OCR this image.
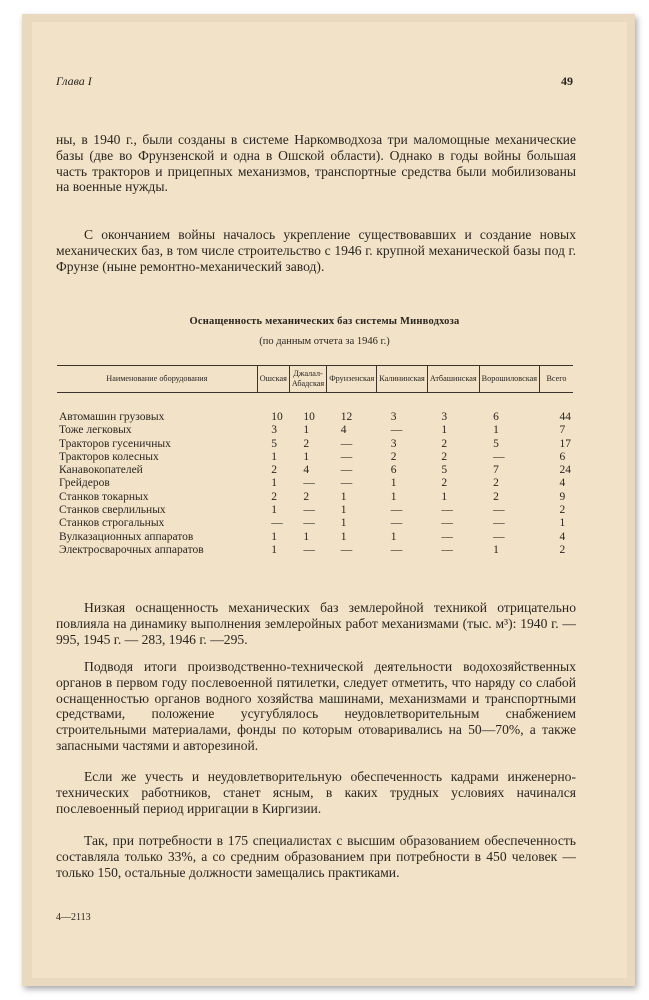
Глава I	49

ны, в 1940 г., были созданы в системе Наркомводхоза три маломощные механические базы (две во Фрунзенской и одна в Ошской области). Однако в годы войны большая часть тракторов и прицепных механизмов, транспортные средства были мобилизованы на военные нужды.

С окончанием войны началось укрепление существовавших и создание новых механических баз, в том числе строительство с 1946 г. крупной механической базы под г. Фрунзе (ныне ремонтно-механический завод).

Оснащенность механических баз системы Минводхоза
(по данным отчета за 1946 г.)
Наименование оборудования	Ошская	Джалал-Абадская	Фрунзенская	Калининская	Атбашинская	Ворошиловская	Всего

Автомашин грузовых	10	10	12	3	3	6	44
Тоже легковых	3	1	4	—	1	1	7
Тракторов гусеничных	5	2	—	3	2	5	17
Тракторов колесных	1	1	—	2	2	—	6
Канавокопателей	2	4	—	6	5	7	24
Грейдеров	1	—	—	1	2	2	4
Станков токарных	2	2	1	1	1	2	9
Станков сверлильных	1	—	1	—	—	—	2
Станков строгальных	—	—	1	—	—	—	1
Вулказационных аппаратов	1	1	1	1	—	—	4
Электросварочных аппаратов	1	—	—	—	—	1	2

Низкая оснащенность механических баз землеройной техникой отрицательно повлияла на динамику выполнения землеройных работ механизмами (тыс. м³): 1940 г. —995, 1945 г. — 283, 1946 г. —295.

Подводя итоги производственно-технической деятельности водохозяйственных органов в первом году послевоенной пятилетки, следует отметить, что наряду со слабой оснащенностью органов водного хозяйства машинами, механизмами и транспортными средствами, положение усугублялось неудовлетворительным снабжением строительными материалами, фонды по которым отоваривались на 50—70%, а также запасными частями и авторезиной.

Если же учесть и неудовлетворительную обеспеченность кадрами инженерно-технических работников, станет ясным, в каких трудных условиях начинался послевоенный период ирригации в Киргизии.

Так, при потребности в 175 специалистах с высшим образованием обеспеченность составляла только 33%, а со средним образованием при потребности в 450 человек — только 150, остальные должности замещались практиками.

4—2113
